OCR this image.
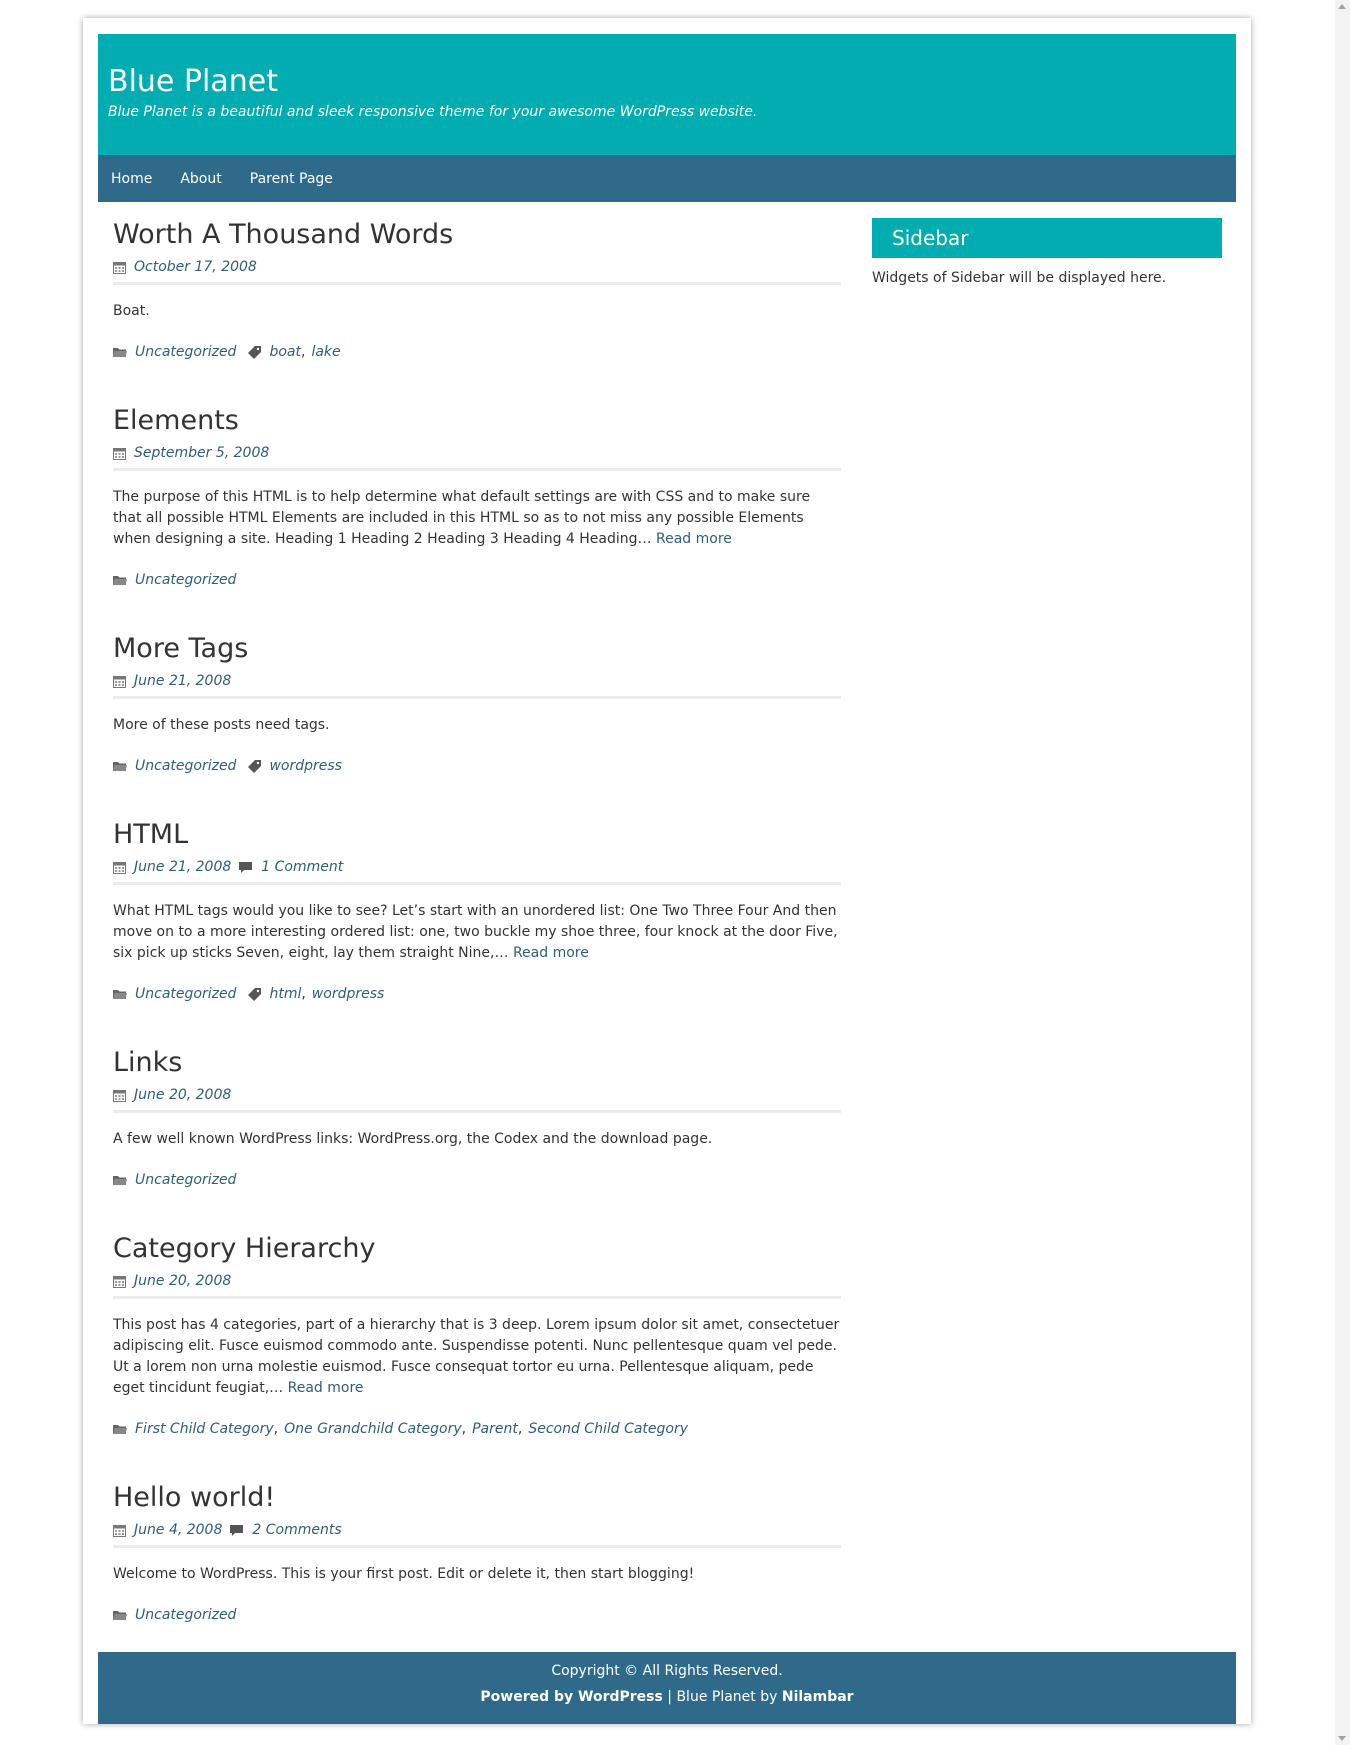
Blue Planet

Blue Planet is a beautiful and sleek responsive theme for your awesome WordPress website.

Home	About	Parent Page
Worth A Thousand Words
October 17, 2008
Boat.
Uncategorized boat , lake
Elements
September 5, 2008
The purpose of this HTML is to help determine what default settings are with CSS and to make sure that all possible HTML Elements are included in this HTML so as to not miss any possible Elements when designing a site. Heading 1 Heading 2 Heading 3 Heading 4 Heading… Read more
Uncategorized
More Tags
June 21, 2008
More of these posts need tags.
Uncategorized wordpress
HTML
June 21, 2008 1 Comment
What HTML tags would you like to see? Let’s start with an unordered list: One Two Three Four And then move on to a more interesting ordered list: one, two buckle my shoe three, four knock at the door Five, six pick up sticks Seven, eight, lay them straight Nine,… Read more
Uncategorized html , wordpress
Links
June 20, 2008
A few well known WordPress links: WordPress.org, the Codex and the download page.
Uncategorized
Category Hierarchy
June 20, 2008
This post has 4 categories, part of a hierarchy that is 3 deep. Lorem ipsum dolor sit amet, consectetuer adipiscing elit. Fusce euismod commodo ante. Suspendisse potenti. Nunc pellentesque quam vel pede. Ut a lorem non urna molestie euismod. Fusce consequat tortor eu urna. Pellentesque aliquam, pede eget tincidunt feugiat,… Read more
First Child Category , One Grandchild Category , Parent , Second Child Category
Hello world!
June 4, 2008 2 Comments
Welcome to WordPress. This is your first post. Edit or delete it, then start blogging!
Uncategorized
Sidebar
Widgets of Sidebar will be displayed here.
Copyright © All Rights Reserved.
Powered by WordPress | Blue Planet by Nilambar
